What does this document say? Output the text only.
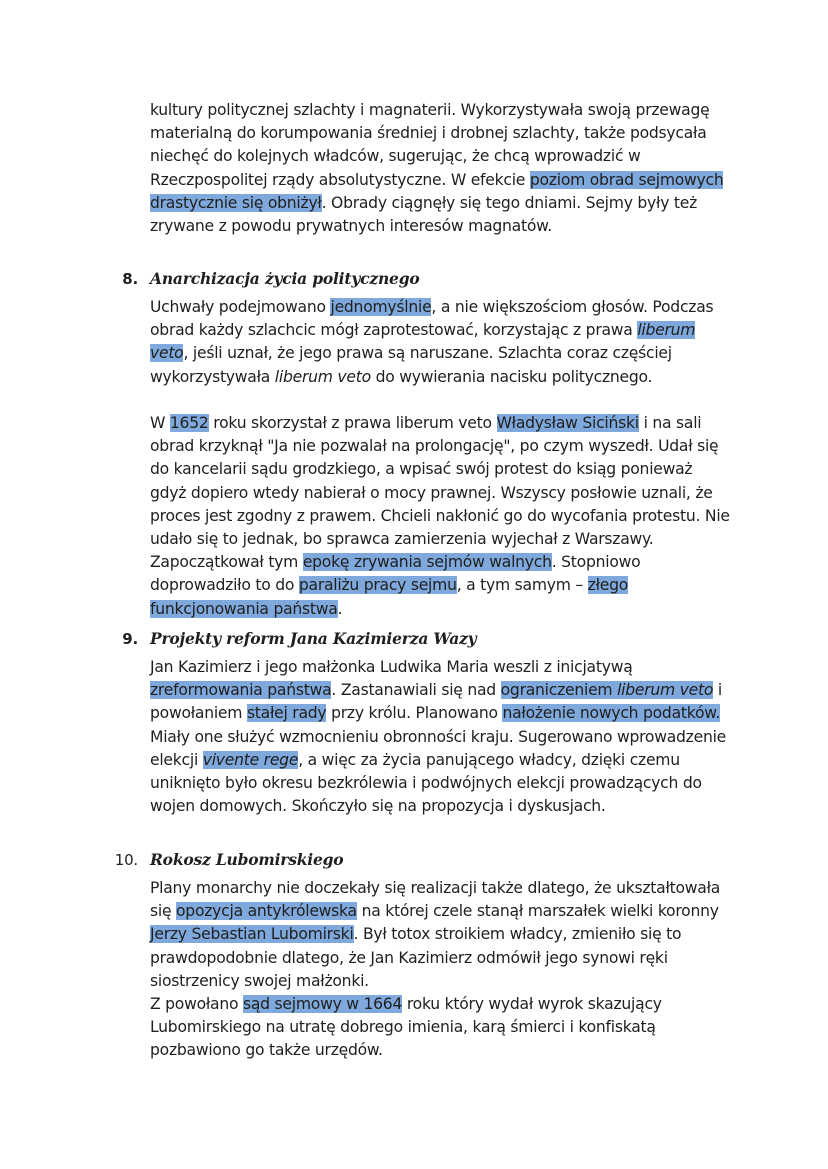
kultury politycznej szlachty i magnaterii. Wykorzystywała swoją przewagę materialną do korumpowania średniej i drobnej szlachty, także podsycała niechęć do kolejnych władców, sugerując, że chcą wprowadzić w Rzeczpospolitej rządy absolutystyczne. W efekcie poziom obrad sejmowych drastycznie się obniżył. Obrady ciągnęły się tego dniami. Sejmy były też zrywane z powodu prywatnych interesów magnatów.
8. Anarchizacja życia politycznego
Uchwały podejmowano jednomyślnie, a nie większościom głosów. Podczas obrad każdy szlachcic mógł zaprotestować, korzystając z prawa liberum veto, jeśli uznał, że jego prawa są naruszane. Szlachta coraz częściej wykorzystywała liberum veto do wywierania nacisku politycznego.
W 1652 roku skorzystał z prawa liberum veto Władysław Siciński i na sali obrad krzyknął "Ja nie pozwalał na prolongację", po czym wyszedł. Udał się do kancelarii sądu grodzkiego, a wpisać swój protest do ksiąg ponieważ gdyż dopiero wtedy nabierał o mocy prawnej. Wszyscy posłowie uznali, że proces jest zgodny z prawem. Chcieli nakłonić go do wycofania protestu. Nie udało się to jednak, bo sprawca zamierzenia wyjechał z Warszawy. Zapoczątkował tym epokę zrywania sejmów walnych. Stopniowo doprowadziło to do paraliżu pracy sejmu, a tym samym – złego funkcjonowania państwa.
9. Projekty reform Jana Kazimierza Wazy
Jan Kazimierz i jego małżonka Ludwika Maria weszli z inicjatywą zreformowania państwa. Zastanawiali się nad ograniczeniem liberum veto i powołaniem stałej rady przy królu. Planowano nałożenie nowych podatków. Miały one służyć wzmocnieniu obronności kraju. Sugerowano wprowadzenie elekcji vivente rege, a więc za życia panującego władcy, dzięki czemu uniknięto było okresu bezkrólewia i podwójnych elekcji prowadzących do wojen domowych. Skończyło się na propozycja i dyskusjach.
10. Rokosz Lubomirskiego
Plany monarchy nie doczekały się realizacji także dlatego, że ukształtowała się opozycja antykrólewska na której czele stanął marszałek wielki koronny Jerzy Sebastian Lubomirski. Był totox stroikiem władcy, zmieniło się to prawdopodobnie dlatego, że Jan Kazimierz odmówił jego synowi ręki siostrzenicy swojej małżonki.
Z powołano sąd sejmowy w 1664 roku który wydał wyrok skazujący Lubomirskiego na utratę dobrego imienia, karą śmierci i konfiskatą pozbawiono go także urzędów.
